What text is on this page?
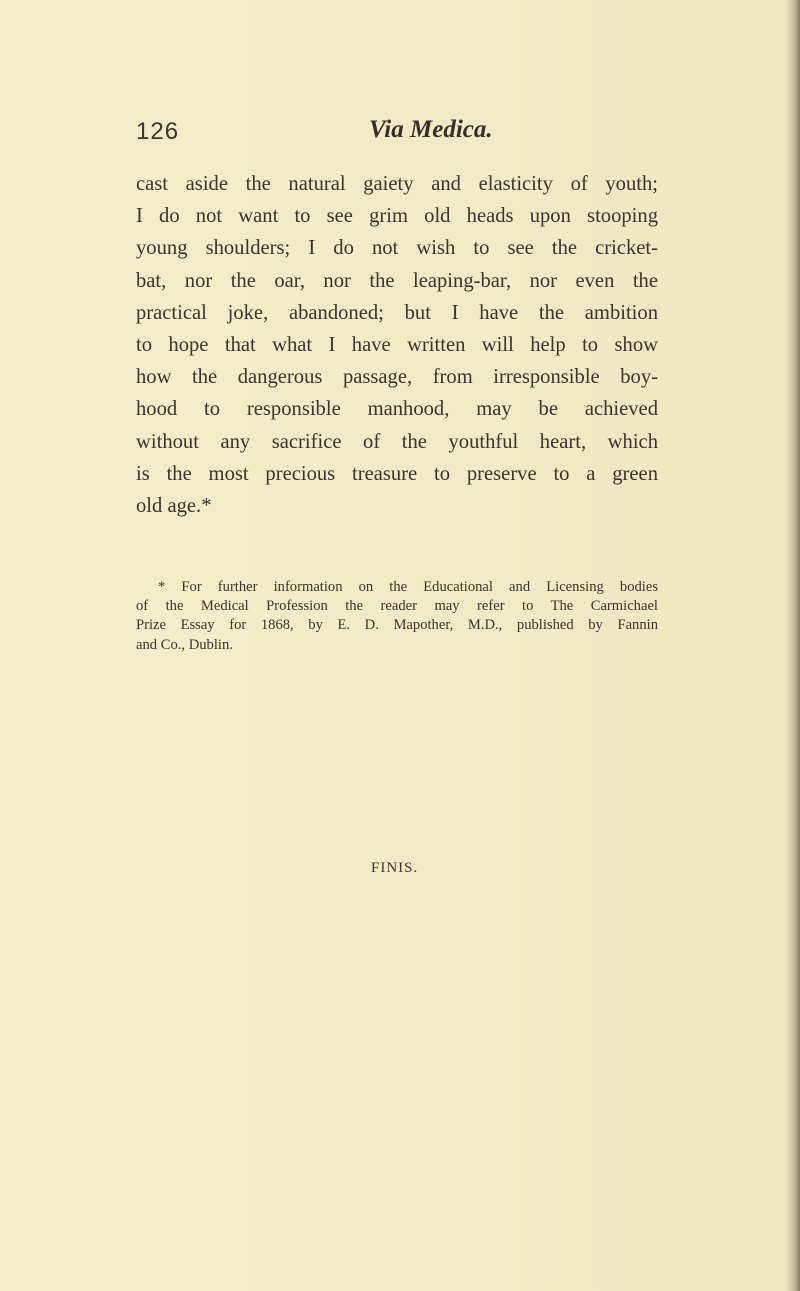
126	Via Medica.
cast aside the natural gaiety and elasticity of youth;
I do not want to see grim old heads upon stooping
young shoulders; I do not wish to see the cricket-
bat, nor the oar, nor the leaping-bar, nor even the
practical joke, abandoned; but I have the ambition
to hope that what I have written will help to show
how the dangerous passage, from irresponsible boy-
hood to responsible manhood, may be achieved
without any sacrifice of the youthful heart, which
is the most precious treasure to preserve to a green
old age.*
* For further information on the Educational and Licensing bodies
of the Medical Profession the reader may refer to The Carmichael
Prize Essay for 1868, by E. D. Mapother, M.D., published by Fannin
and Co., Dublin.
FINIS.
